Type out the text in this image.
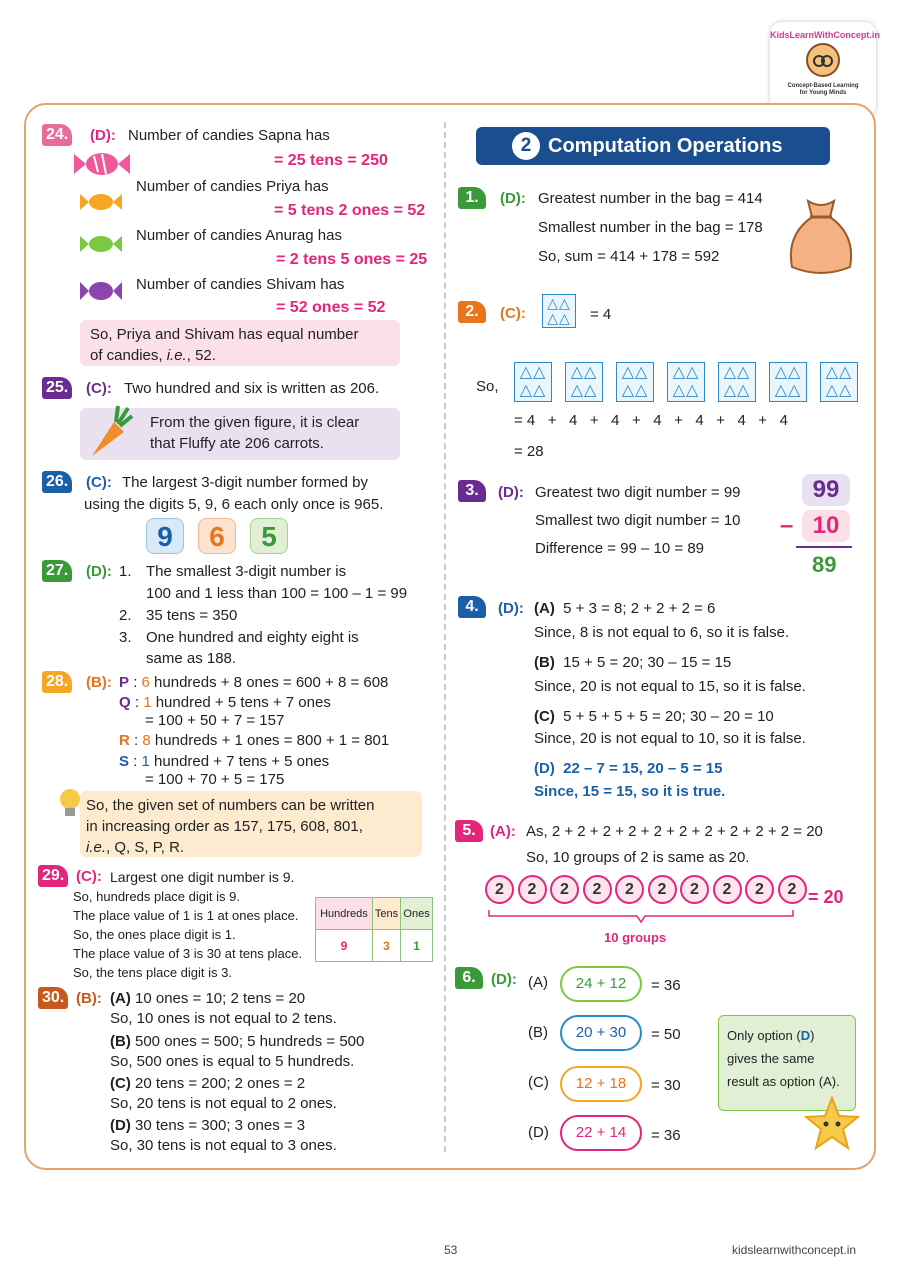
KidsLearnWithConcept.in
Concept-Based Learning
for Young Minds
24. (D): Number of candies Sapna has
= 25 tens = 250
Number of candies Priya has
= 5 tens 2 ones = 52
Number of candies Anurag has
= 2 tens 5 ones = 25
Number of candies Shivam has
= 52 ones = 52
So, Priya and Shivam has equal number
of candies, i.e., 52.
25. (C): Two hundred and six is written as 206.
From the given figure, it is clear
that Fluffy ate 206 carrots.
26. (C): The largest 3-digit number formed by
using the digits 5, 9, 6 each only once is 965.
9	6	5
27. (D): 1. The smallest 3-digit number is
100 and 1 less than 100 = 100 – 1 = 99
2. 35 tens = 350
3. One hundred and eighty eight is
same as 188.
28. (B): P : 6 hundreds + 8 ones = 600 + 8 = 608
Q : 1 hundred + 5 tens + 7 ones
= 100 + 50 + 7 = 157
R : 8 hundreds + 1 ones = 800 + 1 = 801
S : 1 hundred + 7 tens + 5 ones
= 100 + 70 + 5 = 175
So, the given set of numbers can be written
in increasing order as 157, 175, 608, 801,
i.e., Q, S, P, R.
29. (C): Largest one digit number is 9.
So, hundreds place digit is 9.
The place value of 1 is 1 at ones place.
So, the ones place digit is 1.
The place value of 3 is 30 at tens place.
So, the tens place digit is 3.
Hundreds	Tens	Ones
9	3	1
30. (B): (A) 10 ones = 10; 2 tens = 20
So, 10 ones is not equal to 2 tens.
(B) 500 ones = 500; 5 hundreds = 500
So, 500 ones is equal to 5 hundreds.
(C) 20 tens = 200; 2 ones = 2
So, 20 tens is not equal to 2 ones.
(D) 30 tens = 300; 3 ones = 3
So, 30 tens is not equal to 3 ones.
2 Computation Operations
1.	(D): Greatest number in the bag = 414
Smallest number in the bag = 178
So, sum = 414 + 178 = 592
2.	(C):
△△
△△	= 4
So,
△△
△△
△△
△△
△△
△△
△△
△△
△△
△△
△△
△△
△△
△△
= 4   +   4   +   4   +   4   +   4   +   4   +   4
= 28
3.	(D): Greatest two digit number = 99
Smallest two digit number = 10
Difference = 99 – 10 = 89
99
– 10
89
4.	(D): (A) 5 + 3 = 8; 2 + 2 + 2 = 6
Since, 8 is not equal to 6, so it is false.
(B) 15 + 5 = 20; 30 – 15 = 15
Since, 20 is not equal to 15, so it is false.
(C) 5 + 5 + 5 + 5 = 20; 30 – 20 = 10
Since, 20 is not equal to 10, so it is false.
(D) 22 – 7 = 15, 20 – 5 = 15
Since, 15 = 15, so it is true.
5. (A): As, 2 + 2 + 2 + 2 + 2 + 2 + 2 + 2 + 2 + 2 = 20
So, 10 groups of 2 is same as 20.
2	2	2	2	2	2	2	2	2	2 = 20
10 groups
6.	(D): (A)	24 + 12	= 36
(B)	20 + 30	= 50
(C)	12 + 18	= 30
(D)	22 + 14	= 36
Only option (D)
gives the same
result as option (A).
53	kidslearnwithconcept.in
